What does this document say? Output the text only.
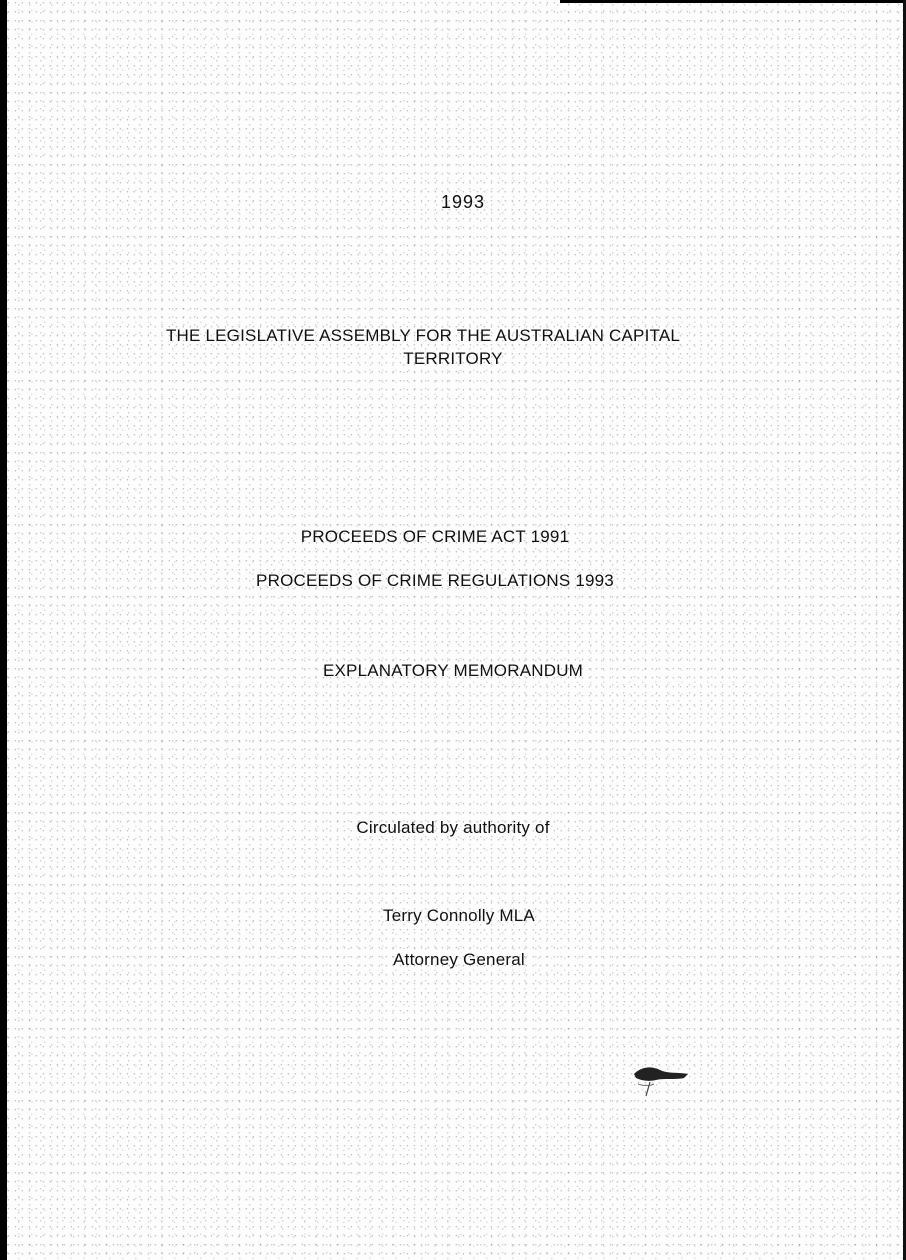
1993
THE LEGISLATIVE ASSEMBLY FOR THE AUSTRALIAN CAPITAL
TERRITORY
PROCEEDS OF CRIME ACT 1991
PROCEEDS OF CRIME REGULATIONS 1993
EXPLANATORY MEMORANDUM
Circulated by authority of
Terry Connolly MLA
Attorney General
